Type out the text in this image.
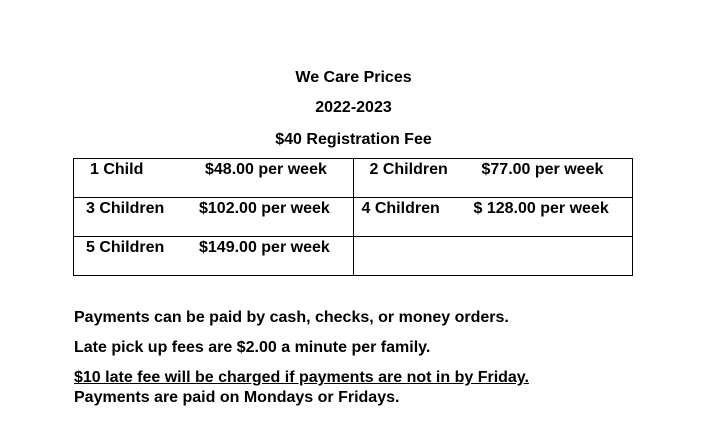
We Care Prices
2022-2023
$40 Registration Fee
1 Child $48.00 per week	2 Children $77.00 per week

3 Children $102.00 per week	4 Children $ 128.00 per week

5 Children $149.00 per week	

Payments can be paid by cash, checks, or money orders.
Late pick up fees are $2.00 a minute per family.
$10 late fee will be charged if payments are not in by Friday.
Payments are paid on Mondays or Fridays.
